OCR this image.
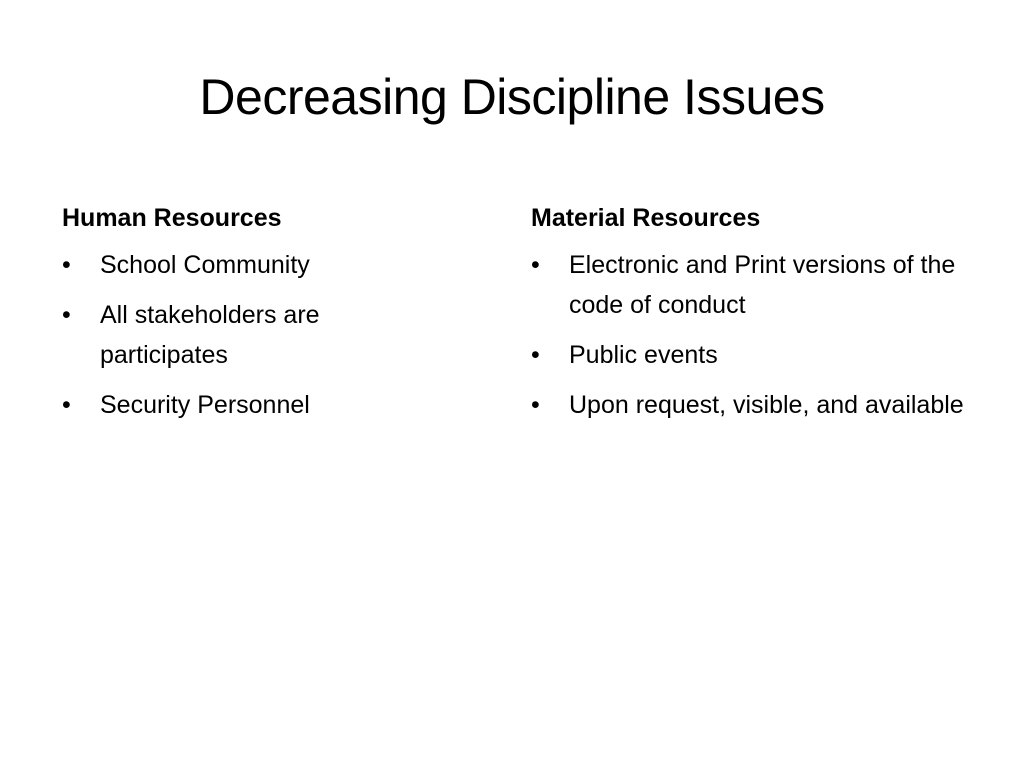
Decreasing Discipline Issues
Human Resources
•	School Community
•	All stakeholders are participates
•	Security Personnel
Material Resources
•	Electronic and Print versions of the code of conduct
•	Public events
•	Upon request, visible, and available
